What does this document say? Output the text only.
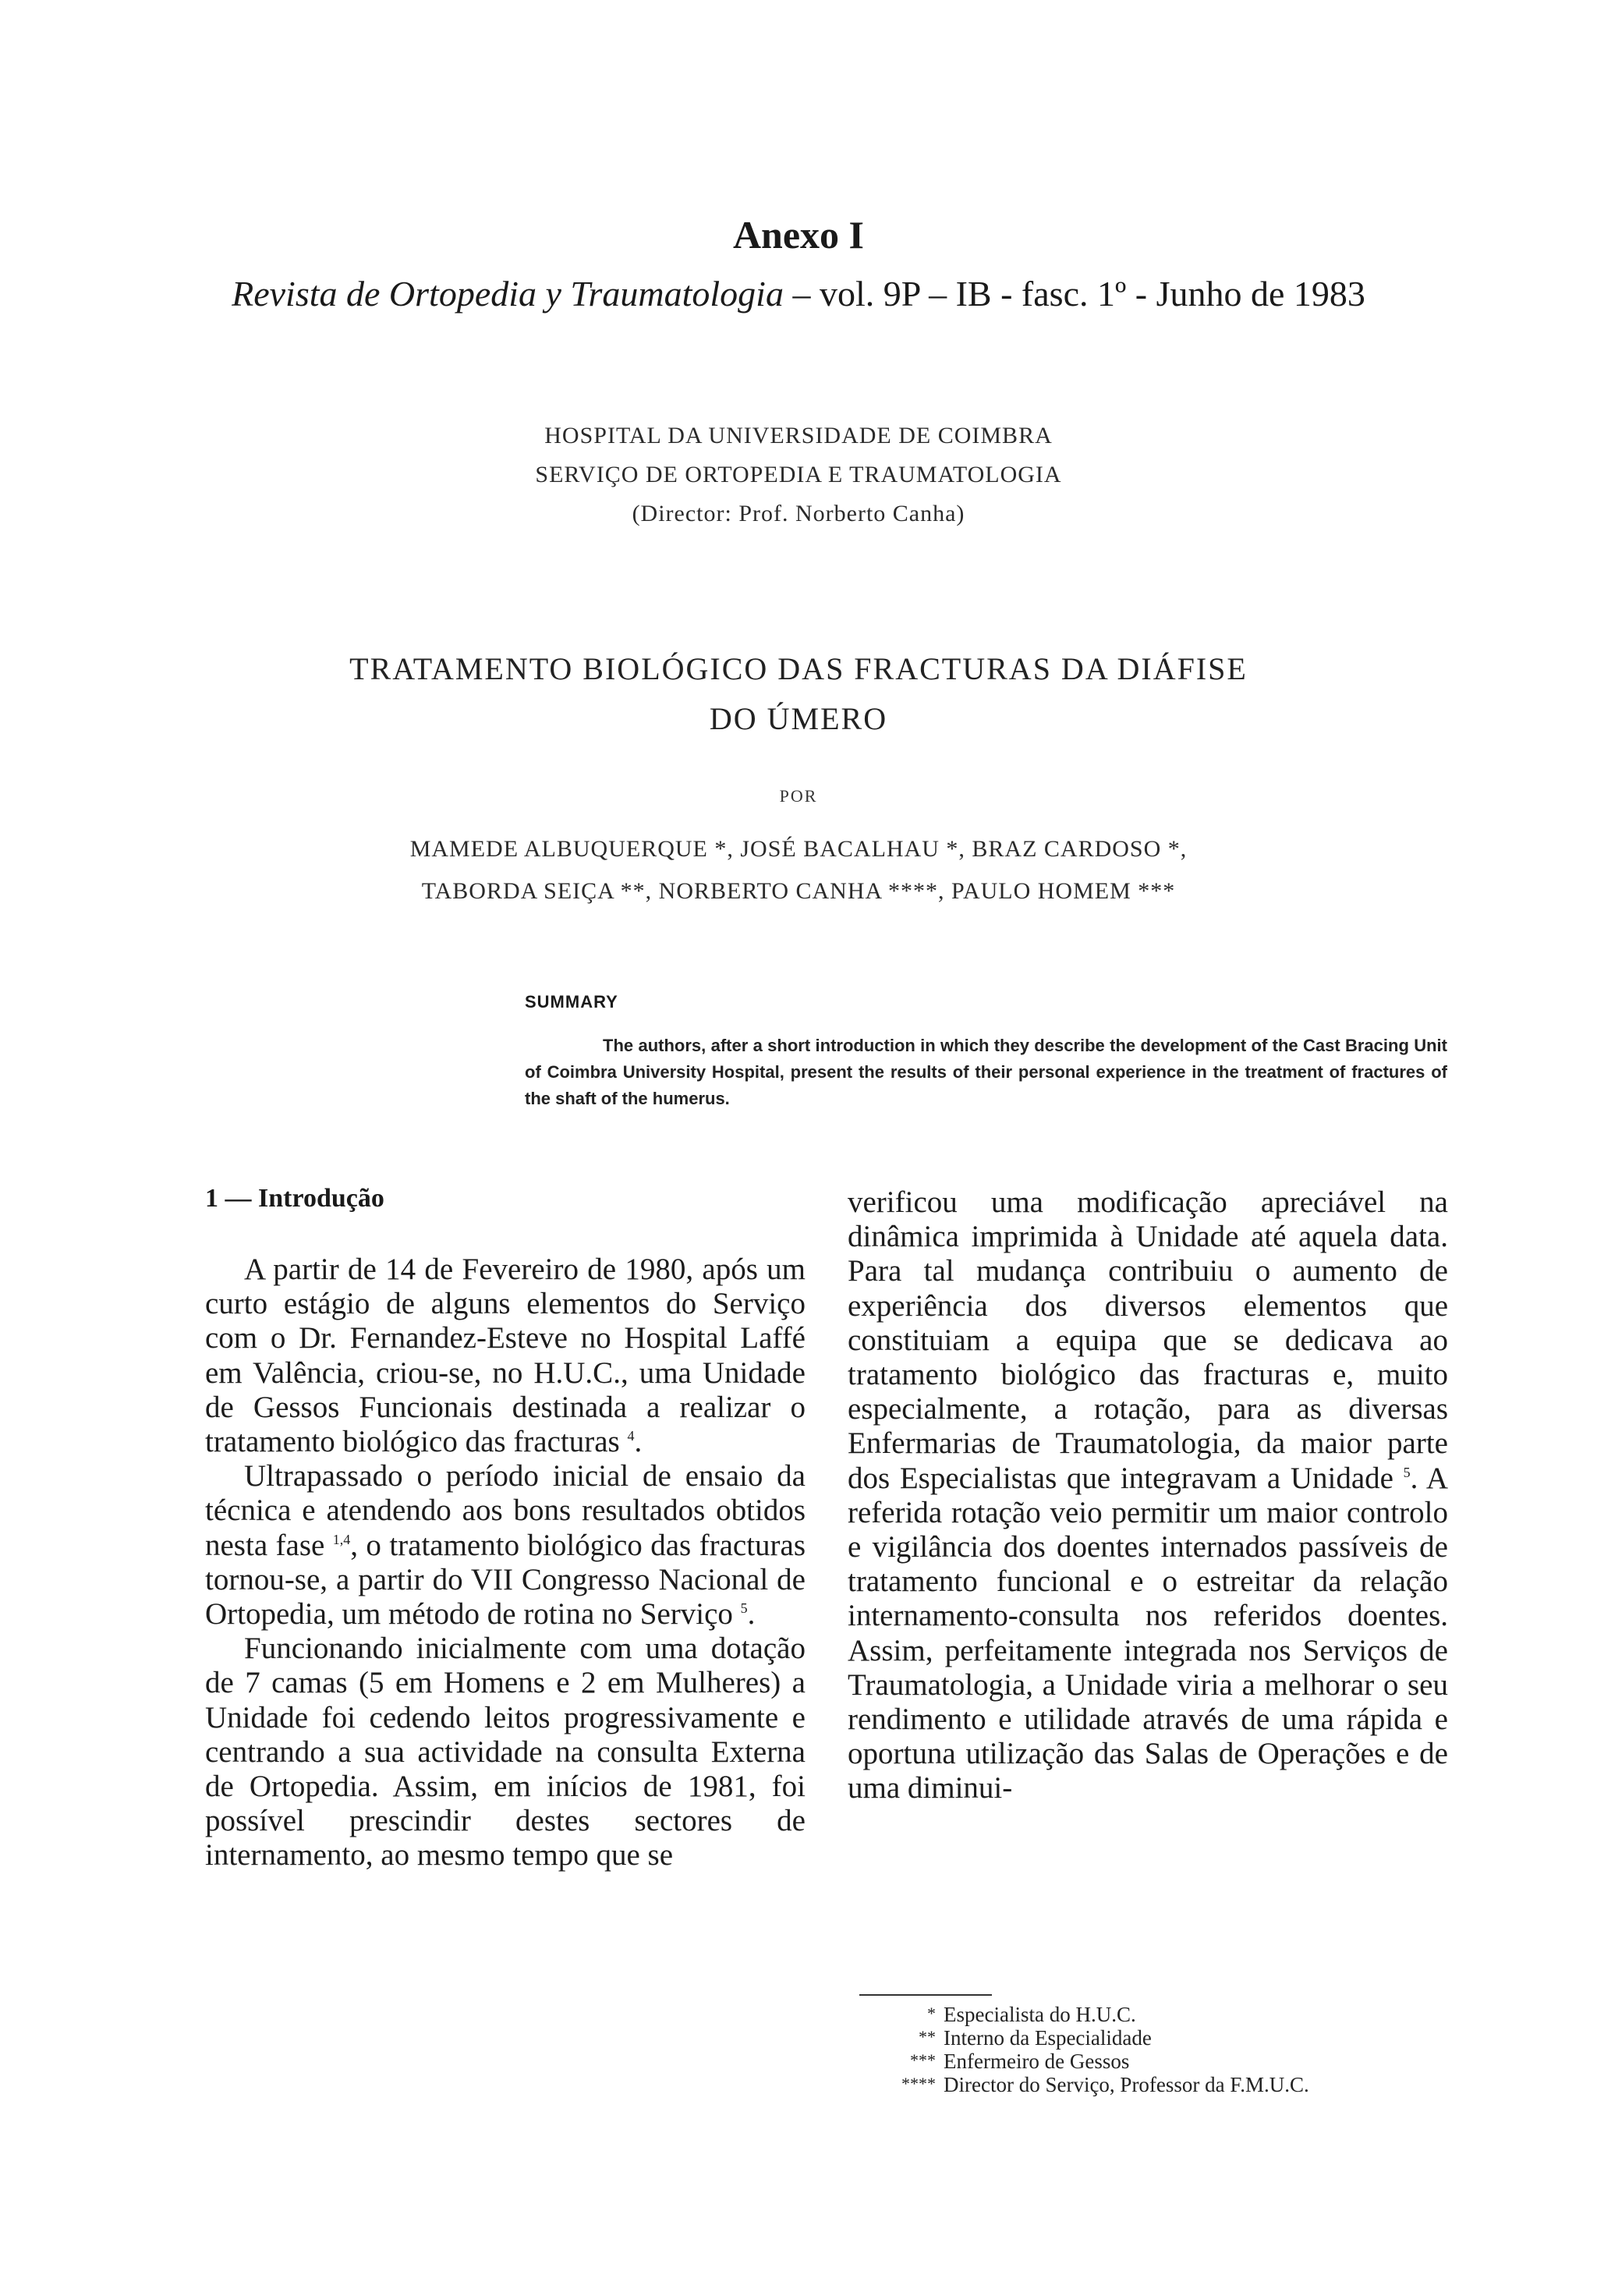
Anexo I
Revista de Ortopedia y Traumatologia – vol. 9P – IB - fasc. 1º - Junho de 1983
HOSPITAL DA UNIVERSIDADE DE COIMBRA
SERVIÇO DE ORTOPEDIA E TRAUMATOLOGIA
(Director: Prof. Norberto Canha)
TRATAMENTO BIOLÓGICO DAS FRACTURAS DA DIÁFISE
DO ÚMERO
POR
MAMEDE ALBUQUERQUE *, JOSÉ BACALHAU *, BRAZ CARDOSO *,
TABORDA SEIÇA **, NORBERTO CANHA ****, PAULO HOMEM ***
SUMMARY
The authors, after a short introduction in which they describe the development of the Cast Bracing Unit of Coimbra University Hospital, present the results of their personal experience in the treatment of fractures of the shaft of the humerus.
1 — Introdução

A partir de 14 de Fevereiro de 1980, após um curto estágio de alguns elementos do Serviço com o Dr. Fernandez-Esteve no Hospital Laffé em Valência, criou-se, no H.U.C., uma Unidade de Gessos Funcionais destinada a realizar o tratamento biológico das fracturas $^4$.

Ultrapassado o período inicial de ensaio da técnica e atendendo aos bons resultados obtidos nesta fase $^{1,4}$, o tratamento biológico das fracturas tornou-se, a partir do VII Congresso Nacional de Ortopedia, um método de rotina no Serviço $^5$.

Funcionando inicialmente com uma dotação de 7 camas (5 em Homens e 2 em Mulheres) a Unidade foi cedendo leitos progressivamente e centrando a sua actividade na consulta Externa de Ortopedia. Assim, em inícios de 1981, foi possível prescindir destes sectores de internamento, ao mesmo tempo que se

verificou uma modificação apreciável na dinâmica imprimida à Unidade até aquela data. Para tal mudança contribuiu o aumento de experiência dos diversos elementos que constituiam a equipa que se dedicava ao tratamento biológico das fracturas e, muito especialmente, a rotação, para as diversas Enfermarias de Traumatologia, da maior parte dos Especialistas que integravam a Unidade $^5$. A referida rotação veio permitir um maior controlo e vigilância dos doentes internados passíveis de tratamento funcional e o estreitar da relação internamento-consulta nos referidos doentes. Assim, perfeitamente integrada nos Serviços de Traumatologia, a Unidade viria a melhorar o seu rendimento e utilidade através de uma rápida e oportuna utilização das Salas de Operações e de uma diminui-

* Especialista do H.U.C.
** Interno da Especialidade
*** Enfermeiro de Gessos
**** Director do Serviço, Professor da F.M.U.C.
